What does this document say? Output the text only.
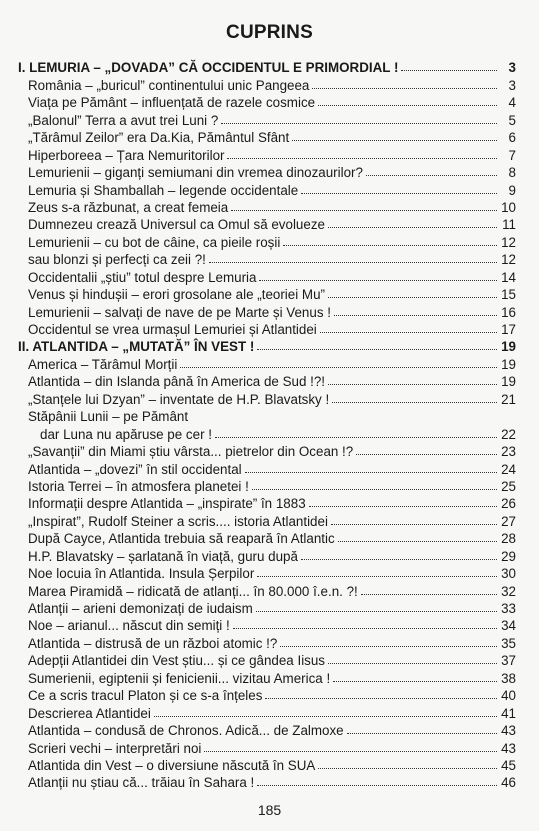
CUPRINS
I. LEMURIA – „DOVADA” CĂ OCCIDENTUL E PRIMORDIAL !	3
România – „buricul” continentului unic Pangeea	3
Viața pe Pământ – influențată de razele cosmice	4
„Balonul” Terra a avut trei Luni ?	5
„Tărâmul Zeilor” era Da.Kia, Pământul Sfânt	6
Hiperboreea – Țara Nemuritorilor	7
Lemurienii – giganți semiumani din vremea dinozaurilor?	8
Lemuria și Shamballah – legende occidentale	9
Zeus s-a răzbunat, a creat femeia	10
Dumnezeu crează Universul ca Omul să evolueze	11
Lemurienii – cu bot de câine, ca pieile roșii	12
sau blonzi și perfecți ca zeii ?!	12
Occidentalii „știu” totul despre Lemuria	14
Venus și hindușii – erori grosolane ale „teoriei Mu”	15
Lemurienii – salvați de nave de pe Marte și Venus !	16
Occidentul se vrea urmașul Lemuriei și Atlantidei	17
II. ATLANTIDA – „MUTATĂ” ÎN VEST !	19
America – Tărâmul Morții	19
Atlantida – din Islanda până în America de Sud !?!	19
„Stanțele lui Dzyan” – inventate de H.P. Blavatsky !	21
Stăpânii Lunii – pe Pământ
dar Luna nu apăruse pe cer !	22
„Savanții” din Miami știu vârsta... pietrelor din Ocean !?	23
Atlantida – „dovezi” în stil occidental	24
Istoria Terrei – în atmosfera planetei !	25
Informații despre Atlantida – „inspirate” în 1883	26
„Inspirat”, Rudolf Steiner a scris.... istoria Atlantidei	27
După Cayce, Atlantida trebuia să reapară în Atlantic	28
H.P. Blavatsky – șarlatană în viață, guru după	29
Noe locuia în Atlantida. Insula Șerpilor	30
Marea Piramidă – ridicată de atlanți... în 80.000 î.e.n. ?!	32
Atlanții – arieni demonizați de iudaism	33
Noe – arianul... născut din semiți !	34
Atlantida – distrusă de un război atomic !?	35
Adepții Atlantidei din Vest știu... și ce gândea Iisus	37
Sumerienii, egiptenii și fenicienii... vizitau America !	38
Ce a scris tracul Platon și ce s-a înțeles	40
Descrierea Atlantidei	41
Atlantida – condusă de Chronos. Adică... de Zalmoxe	43
Scrieri vechi – interpretări noi	43
Atlantida din Vest – o diversiune născută în SUA	45
Atlanții nu știau că... trăiau în Sahara !	46
185
